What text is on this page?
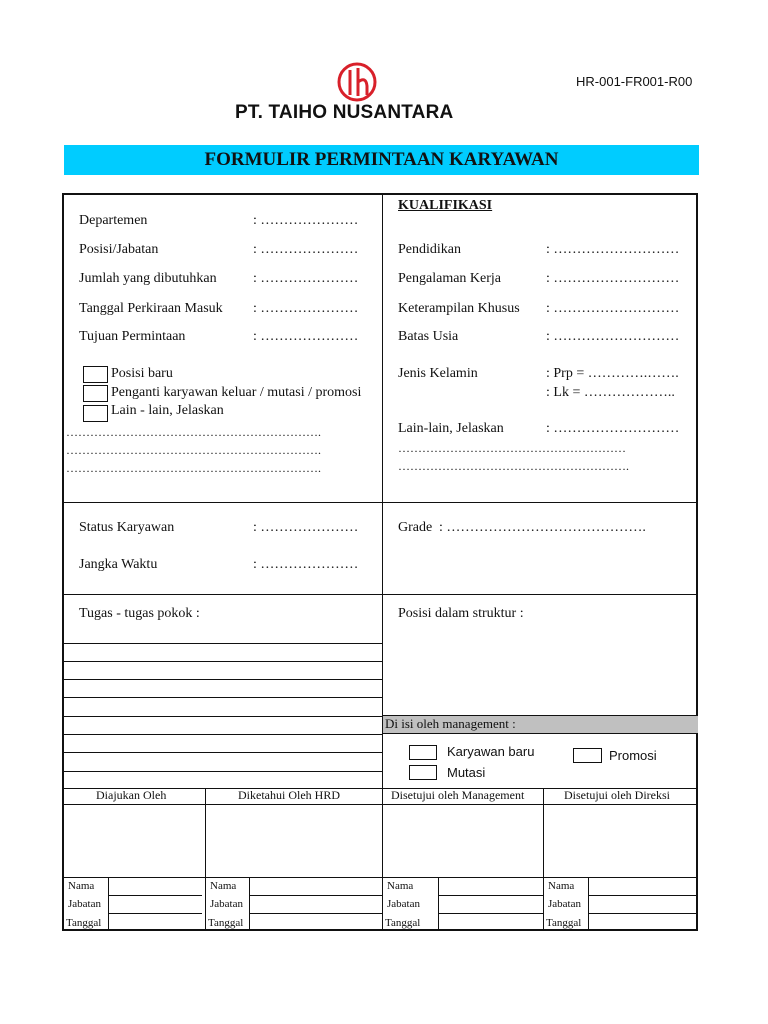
PT. TAIHO NUSANTARA
HR-001-FR001-R00
FORMULIR PERMINTAAN KARYAWAN
Departemen	: …………………
Posisi/Jabatan	: …………………
Jumlah yang dibutuhkan	: …………………
Tanggal Perkiraan Masuk : …………………
Tujuan Permintaan	: …………………
Posisi baru
Penganti karyawan keluar / mutasi / promosi
Lain - lain, Jelaskan
……………………………………………………….
……………………………………………………….
……………………………………………………….
KUALIFIKASI
Pendidikan	: ………………………
Pengalaman Kerja	: ………………………
Keterampilan Khusus : ………………………
Batas Usia	: ………………………
Jenis Kelamin	: Prp = ………….…….
: Lk = ………………..
Lain-lain, Jelaskan	: ………………………
…………………………………………………
………………………………………………….
Status Karyawan	: …………………
Jangka Waktu	: …………………
Grade : …………………………………….
Tugas - tugas pokok :	Posisi dalam struktur :
Di isi oleh management :
Karyawan baru
Mutasi
Promosi
Diajukan Oleh	Diketahui Oleh HRD	Disetujui oleh Management	Disetujui oleh Direksi
Nama
Jabatan
Tanggal
Nama
Jabatan
Tanggal
Nama
Jabatan
Tanggal
Nama
Jabatan
Tanggal
